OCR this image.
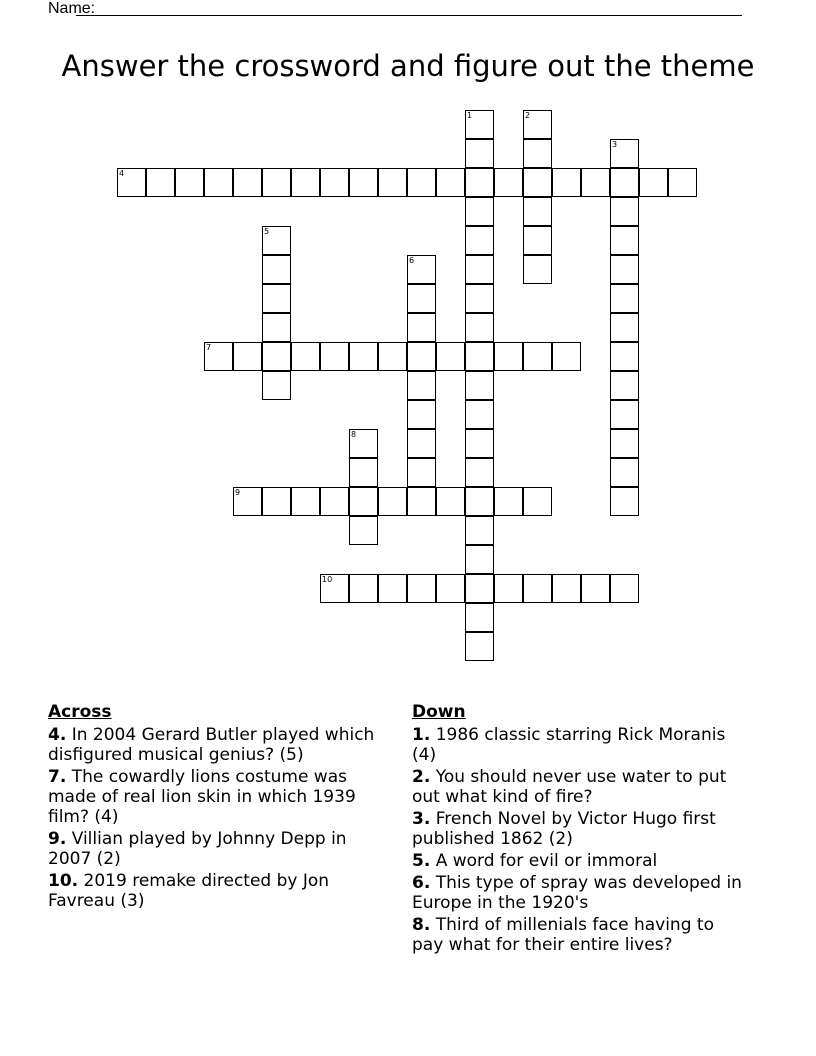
Name:
Answer the crossword and figure out the theme
1	2
3
4
5
6
7
8
9
10
Across
4. In 2004 Gerard Butler played which disfigured musical genius? (5)
7. The cowardly lions costume was made of real lion skin in which 1939 film? (4)
9. Villian played by Johnny Depp in 2007 (2)
10. 2019 remake directed by Jon Favreau (3)
Down
1. 1986 classic starring Rick Moranis (4)
2. You should never use water to put out what kind of fire?
3. French Novel by Victor Hugo first published 1862 (2)
5. A word for evil or immoral
6. This type of spray was developed in Europe in the 1920's
8. Third of millenials face having to pay what for their entire lives?
